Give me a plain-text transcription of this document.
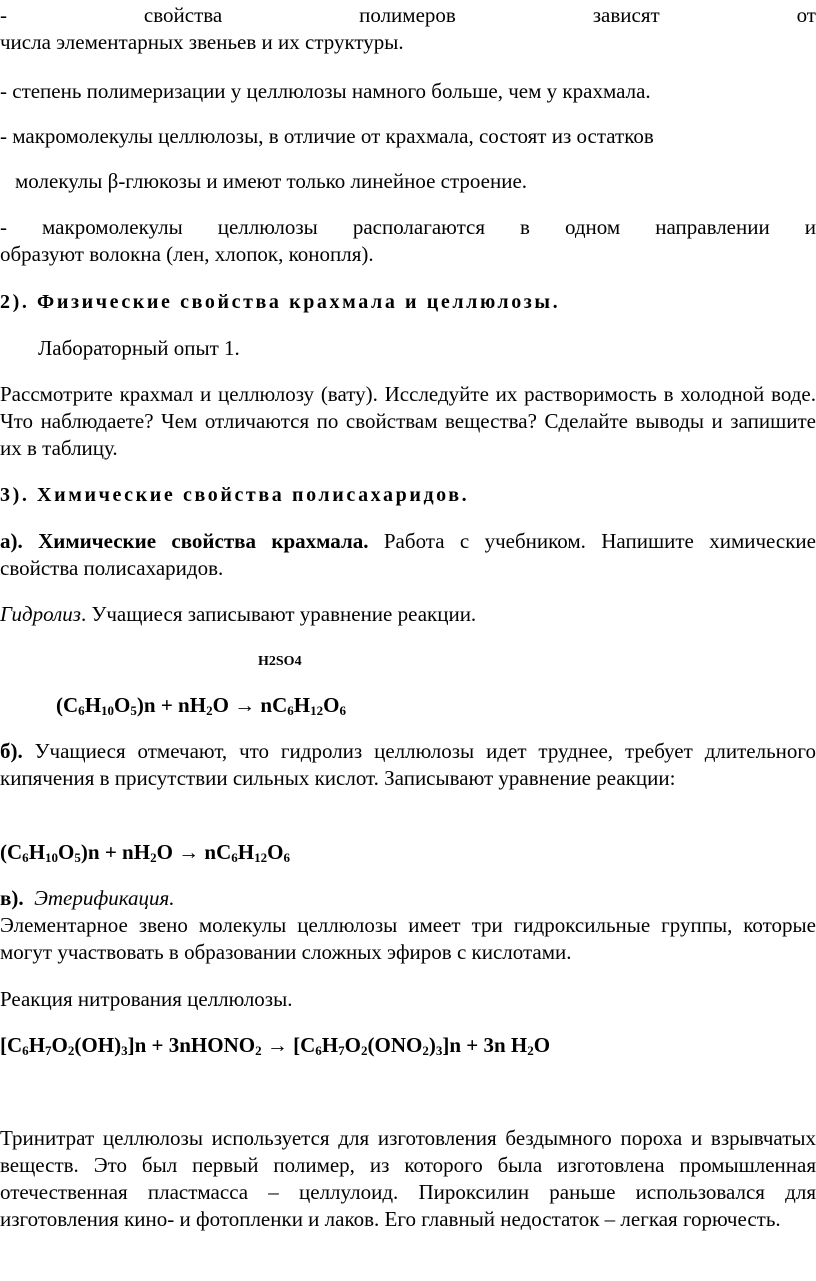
- свойства полимеров зависят от
числа элементарных звеньев и их структуры.
- степень полимеризации у целлюлозы намного больше, чем у крахмала.
- макромолекулы целлюлозы, в отличие от крахмала, состоят из остатков
молекулы β-глюкозы и имеют только линейное строение.
- макромолекулы целлюлозы располагаются в одном направлении и
образуют волокна (лен, хлопок, конопля).
2). Физические свойства крахмала и целлюлозы.
Лабораторный опыт 1.
Рассмотрите крахмал и целлюлозу (вату). Исследуйте их растворимость в холодной воде. Что наблюдаете? Чем отличаются по свойствам вещества? Сделайте выводы и запишите их в таблицу.
3). Химические свойства полисахаридов.
а). Химические свойства крахмала. Работа с учебником. Напишите химические свойства полисахаридов.
Гидролиз. Учащиеся записывают уравнение реакции.
H2SO4
$(C_6H_{10}O_5)n + nH_2O \to nC_6H_{12}O_6$
б). Учащиеся отмечают, что гидролиз целлюлозы идет труднее, требует длительного кипячения в присутствии сильных кислот. Записывают уравнение реакции:
$(C_6H_{10}O_5)n + nH_2O \to nC_6H_{12}O_6$
в). Этерификация.
Элементарное звено молекулы целлюлозы имеет три гидроксильные группы, которые могут участвовать в образовании сложных эфиров с кислотами.
Реакция нитрования целлюлозы.
$[C_6H_7O_2(OH)_3]n$ + 3nHONO$_2$ → $[C_6H_7O_2(ONO_2)_3]n + 3n$ $H_2O$
Тринитрат целлюлозы используется для изготовления бездымного пороха и взрывчатых веществ. Это был первый полимер, из которого была изготовлена промышленная отечественная пластмасса – целлулоид. Пироксилин раньше использовался для изготовления кино- и фотопленки и лаков. Его главный недостаток – легкая горючесть.
